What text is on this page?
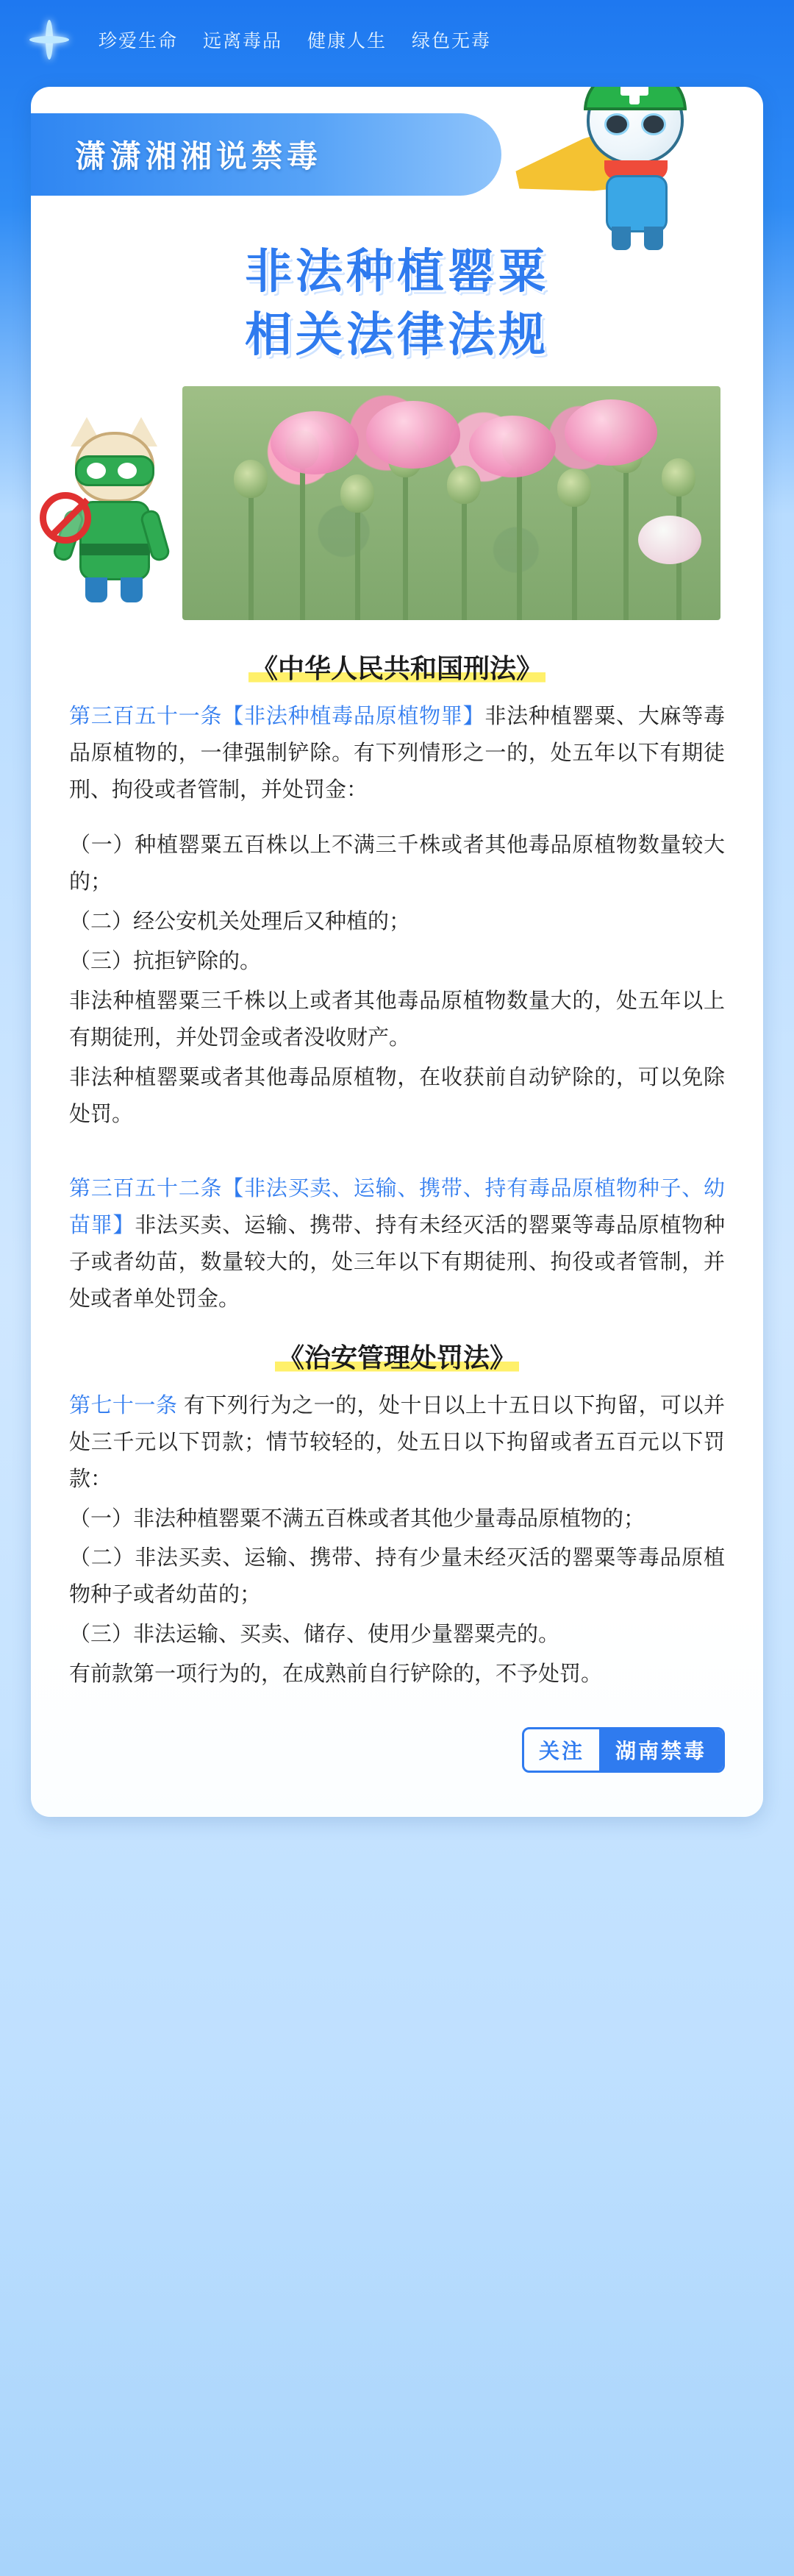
珍爱生命 远离毒品 健康人生 绿色无毒
潇潇湘湘说禁毒
非法种植罂粟
相关法律法规
《中华人民共和国刑法》

第三百五十一条【非法种植毒品原植物罪】非法种植罂粟、大麻等毒品原植物的，一律强制铲除。有下列情形之一的，处五年以下有期徒刑、拘役或者管制，并处罚金：

（一）种植罂粟五百株以上不满三千株或者其他毒品原植物数量较大的；

（二）经公安机关处理后又种植的；

（三）抗拒铲除的。

非法种植罂粟三千株以上或者其他毒品原植物数量大的，处五年以上有期徒刑，并处罚金或者没收财产。

非法种植罂粟或者其他毒品原植物，在收获前自动铲除的，可以免除处罚。

第三百五十二条【非法买卖、运输、携带、持有毒品原植物种子、幼苗罪】非法买卖、运输、携带、持有未经灭活的罂粟等毒品原植物种子或者幼苗，数量较大的，处三年以下有期徒刑、拘役或者管制，并处或者单处罚金。

《治安管理处罚法》

第七十一条 有下列行为之一的，处十日以上十五日以下拘留，可以并处三千元以下罚款；情节较轻的，处五日以下拘留或者五百元以下罚款：

（一）非法种植罂粟不满五百株或者其他少量毒品原植物的；

（二）非法买卖、运输、携带、持有少量未经灭活的罂粟等毒品原植物种子或者幼苗的；

（三）非法运输、买卖、储存、使用少量罂粟壳的。

有前款第一项行为的，在成熟前自行铲除的，不予处罚。

关注	湖南禁毒
